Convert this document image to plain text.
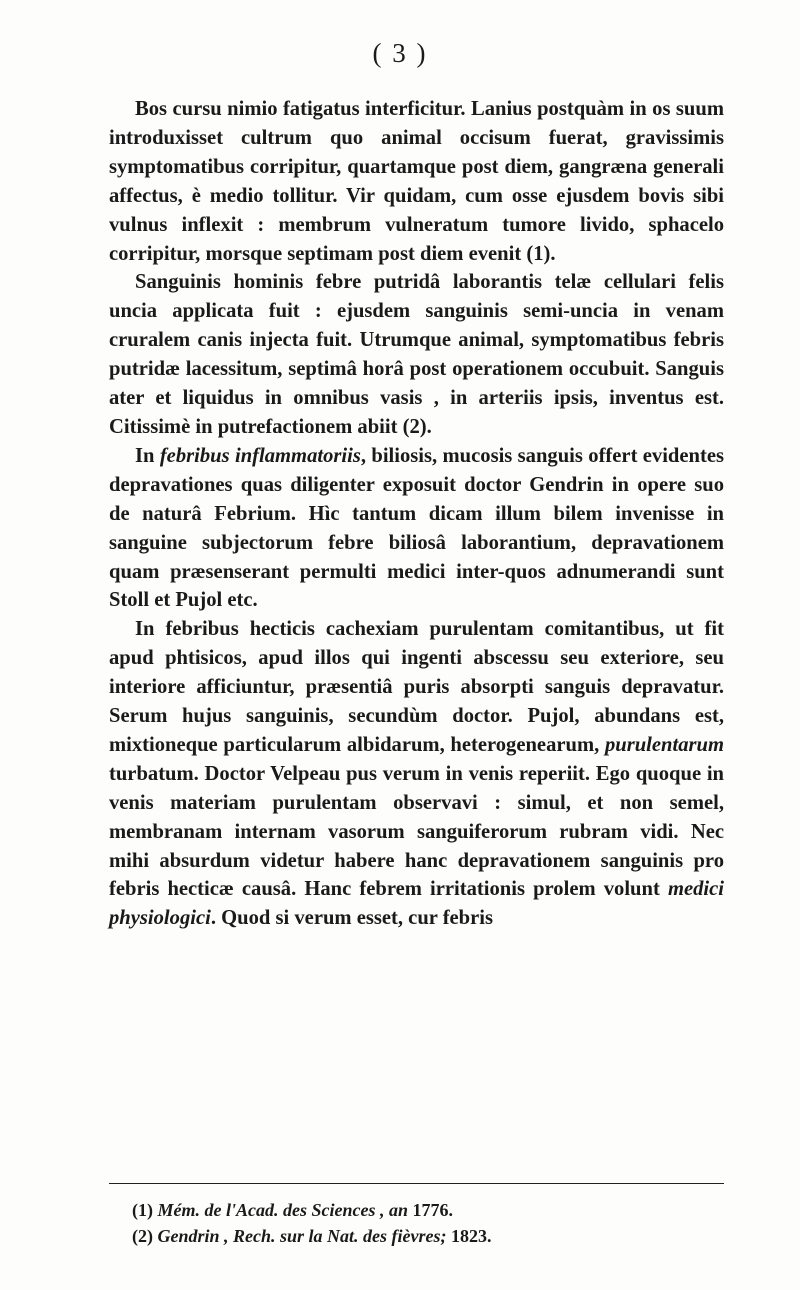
( 3 )

Bos cursu nimio fatigatus interficitur. Lanius postquàm in os suum introduxisset cultrum quo animal occisum fuerat, gravissimis symptomatibus corripitur, quartamque post diem, gangræna generali affectus, è medio tollitur. Vir quidam, cum osse ejusdem bovis sibi vulnus inflexit : membrum vulneratum tumore livido, sphacelo corripitur, morsque septimam post diem evenit (1).

Sanguinis hominis febre putridâ laborantis telæ cellulari felis uncia applicata fuit : ejusdem sanguinis semi-uncia in venam cruralem canis injecta fuit. Utrumque animal, symptomatibus febris putridæ lacessitum, septimâ horâ post operationem occubuit. Sanguis ater et liquidus in omnibus vasis , in arteriis ipsis, inventus est. Citissimè in putrefactionem abiit (2).

In febribus inflammatoriis, biliosis, mucosis sanguis offert evidentes depravationes quas diligenter exposuit doctor Gendrin in opere suo de naturâ Febrium. Hìc tantum dicam illum bilem invenisse in sanguine subjectorum febre biliosâ laborantium, depravationem quam præsenserant permulti medici inter-quos adnumerandi sunt Stoll et Pujol etc.

In febribus hecticis cachexiam purulentam comitantibus, ut fit apud phtisicos, apud illos qui ingenti abscessu seu exteriore, seu interiore afficiuntur, præsentiâ puris absorpti sanguis depravatur. Serum hujus sanguinis, secundùm doctor. Pujol, abundans est, mixtioneque particularum albidarum, heterogenearum, purulentarum turbatum. Doctor Velpeau pus verum in venis reperiit. Ego quoque in venis materiam purulentam observavi : simul, et non semel, membranam internam vasorum sanguiferorum rubram vidi. Nec mihi absurdum videtur habere hanc depravationem sanguinis pro febris hecticæ causâ. Hanc febrem irritationis prolem volunt medici physiologici. Quod si verum esset, cur febris

(1) Mém. de l'Acad. des Sciences , an 1776.
(2) Gendrin , Rech. sur la Nat. des fièvres; 1823.
